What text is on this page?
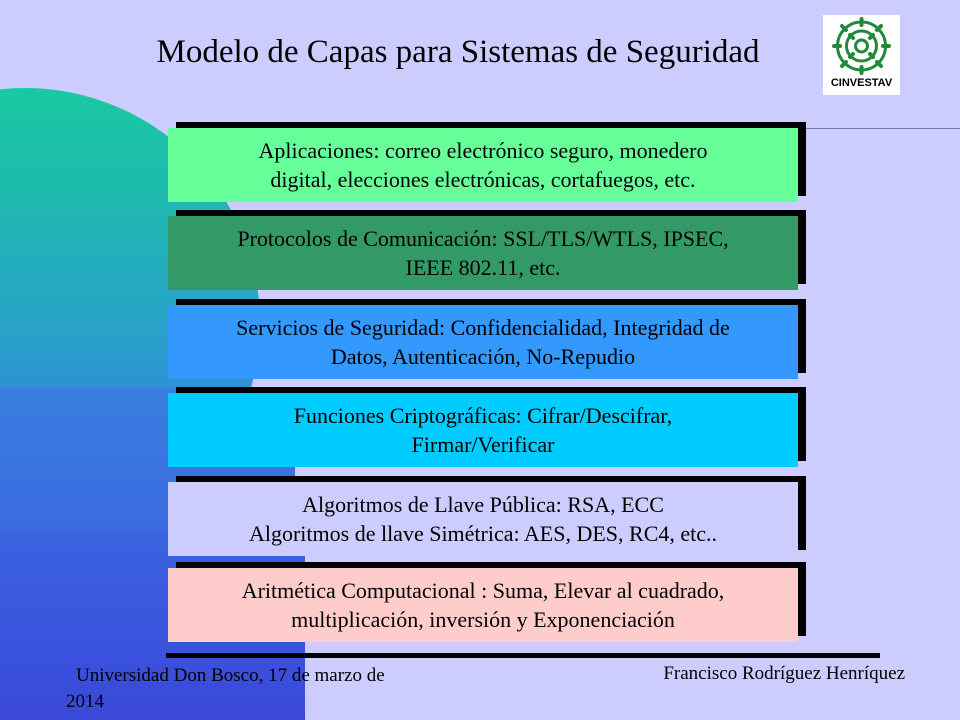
Modelo de Capas para Sistemas de Seguridad
CINVESTAV
Aplicaciones: correo electrónico seguro, monedero
digital, elecciones electrónicas, cortafuegos, etc.
Protocolos de Comunicación: SSL/TLS/WTLS, IPSEC,
IEEE 802.11, etc.
Servicios de Seguridad: Confidencialidad, Integridad de
Datos, Autenticación, No-Repudio
Funciones Criptográficas: Cifrar/Descifrar,
Firmar/Verificar
Algoritmos de Llave Pública: RSA, ECC
Algoritmos de llave Simétrica: AES, DES, RC4, etc..
Aritmética Computacional : Suma, Elevar al cuadrado,
multiplicación, inversión y Exponenciación
Universidad Don Bosco, 17 de marzo de
2014
Francisco Rodríguez Henríquez
